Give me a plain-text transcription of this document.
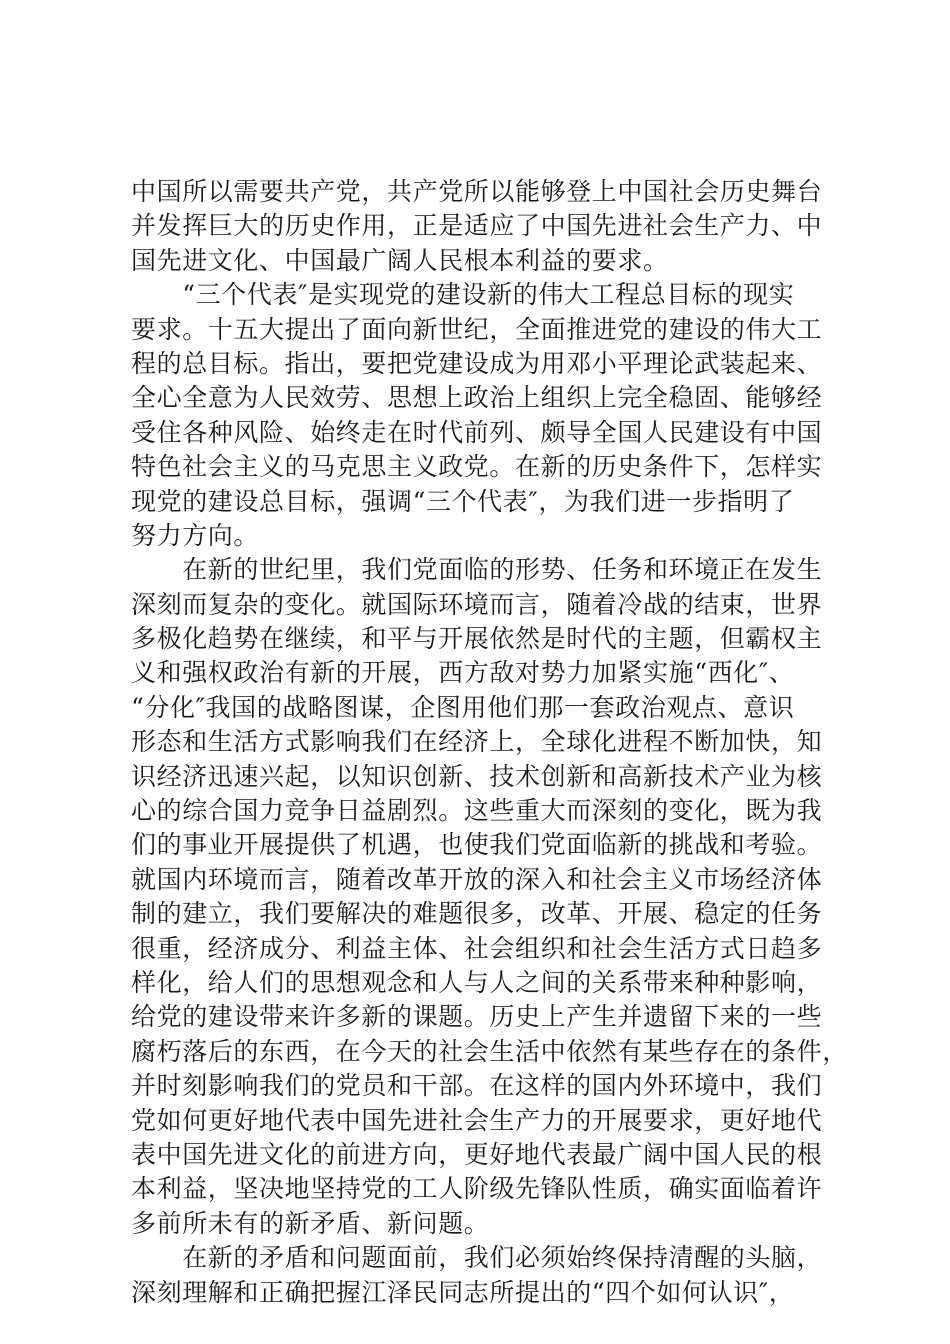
中国所以需要共产党，共产党所以能够登上中国社会历史舞台
并发挥巨大的历史作用，正是适应了中国先进社会生产力、中
国先进文化、中国最广阔人民根本利益的要求。
　　“三个代表″是实现党的建设新的伟大工程总目标的现实
要求。十五大提出了面向新世纪，全面推进党的建设的伟大工
程的总目标。指出，要把党建设成为用邓小平理论武装起来、
全心全意为人民效劳、思想上政治上组织上完全稳固、能够经
受住各种风险、始终走在时代前列、颇导全国人民建设有中国
特色社会主义的马克思主义政党。在新的历史条件下，怎样实
现党的建设总目标，强调“三个代表″，为我们进一步指明了
努力方向。
　　在新的世纪里，我们党面临的形势、任务和环境正在发生
深刻而复杂的变化。就国际环境而言，随着冷战的结束，世界
多极化趋势在继续，和平与开展依然是时代的主题，但霸权主
义和强权政治有新的开展，西方敌对势力加紧实施“西化″、
“分化″我国的战略图谋，企图用他们那一套政治观点、意识
形态和生活方式影响我们在经济上，全球化进程不断加快，知
识经济迅速兴起，以知识创新、技术创新和高新技术产业为核
心的综合国力竞争日益剧烈。这些重大而深刻的变化，既为我
们的事业开展提供了机遇，也使我们党面临新的挑战和考验。
就国内环境而言，随着改革开放的深入和社会主义市场经济体
制的建立，我们要解决的难题很多，改革、开展、稳定的任务
很重，经济成分、利益主体、社会组织和社会生活方式日趋多
样化，给人们的思想观念和人与人之间的关系带来种种影响，
给党的建设带来许多新的课题。历史上产生并遗留下来的一些
腐朽落后的东西，在今天的社会生活中依然有某些存在的条件，
并时刻影响我们的党员和干部。在这样的国内外环境中，我们
党如何更好地代表中国先进社会生产力的开展要求，更好地代
表中国先进文化的前进方向，更好地代表最广阔中国人民的根
本利益，坚决地坚持党的工人阶级先锋队性质，确实面临着许
多前所未有的新矛盾、新问题。
　　在新的矛盾和问题面前，我们必须始终保持清醒的头脑，
深刻理解和正确把握江泽民同志所提出的“四个如何认识″，
